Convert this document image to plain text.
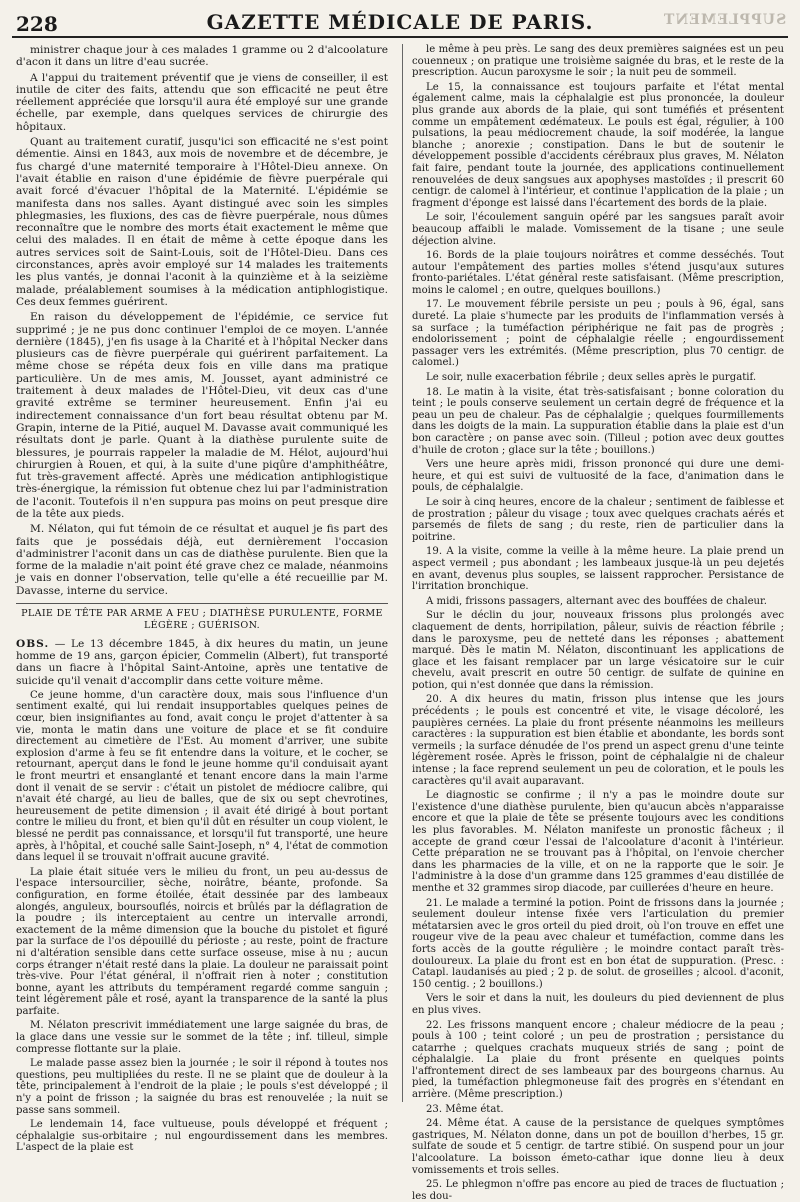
228	GAZETTE MÉDICALE DE PARIS.	SUPPLEMENT

ministrer chaque jour à ces malades 1 gramme ou 2 d'alcoolature d'acon it dans un litre d'eau sucrée.

A l'appui du traitement préventif que je viens de conseiller, il est inutile de citer des faits, attendu que son efficacité ne peut être réellement appréciée que lorsqu'il aura été employé sur une grande échelle, par exemple, dans quelques services de chirurgie des hôpitaux.

Quant au traitement curatif, jusqu'ici son efficacité ne s'est point démentie. Ainsi en 1843, aux mois de novembre et de décembre, je fus chargé d'une maternité temporaire à l'Hôtel-Dieu annexe. On l'avait établie en raison d'une épidémie de fièvre puerpérale qui avait forcé d'évacuer l'hôpital de la Maternité. L'épidémie se manifesta dans nos salles. Ayant distingué avec soin les simples phlegmasies, les fluxions, des cas de fièvre puerpérale, nous dûmes reconnaître que le nombre des morts était exactement le même que celui des malades. Il en était de même à cette époque dans les autres services soit de Saint-Louis, soit de l'Hôtel-Dieu. Dans ces circonstances, après avoir employé sur 14 malades les traitements les plus vantés, je donnai l'aconit à la quinzième et à la seizième malade, préalablement soumises à la médication antiphlogistique. Ces deux femmes guérirent.

En raison du développement de l'épidémie, ce service fut supprimé ; je ne pus donc continuer l'emploi de ce moyen. L'année dernière (1845), j'en fis usage à la Charité et à l'hôpital Necker dans plusieurs cas de fièvre puerpérale qui guérirent parfaitement. La même chose se répéta deux fois en ville dans ma pratique particulière. Un de mes amis, M. Jousset, ayant administré ce traitement à deux malades de l'Hôtel-Dieu, vit deux cas d'une gravité extrême se terminer heureusement. Enfin j'ai eu indirectement connaissance d'un fort beau résultat obtenu par M. Grapin, interne de la Pitié, auquel M. Davasse avait communiqué les résultats dont je parle. Quant à la diathèse purulente suite de blessures, je pourrais rappeler la maladie de M. Hélot, aujourd'hui chirurgien à Rouen, et qui, à la suite d'une piqûre d'amphithéâtre, fut très-gravement affecté. Après une médication antiphlogistique très-énergique, la rémission fut obtenue chez lui par l'administration de l'aconit. Toutefois il n'en suppura pas moins on peut presque dire de la tête aux pieds.

M. Nélaton, qui fut témoin de ce résultat et auquel je fis part des faits que je possédais déjà, eut dernièrement l'occasion d'administrer l'aconit dans un cas de diathèse purulente. Bien que la forme de la maladie n'ait point été grave chez ce malade, néanmoins je vais en donner l'observation, telle qu'elle a été recueillie par M. Davasse, interne du service.

PLAIE DE TÊTE PAR ARME A FEU ; DIATHÈSE PURULENTE, FORME LÉGÈRE ; GUÉRISON.

OBS. — Le 13 décembre 1845, à dix heures du matin, un jeune homme de 19 ans, garçon épicier, Commelin (Albert), fut transporté dans un fiacre à l'hôpital Saint-Antoine, après une tentative de suicide qu'il venait d'accomplir dans cette voiture même.

Ce jeune homme, d'un caractère doux, mais sous l'influence d'un sentiment exalté, qui lui rendait insupportables quelques peines de cœur, bien insignifiantes au fond, avait conçu le projet d'attenter à sa vie, monta le matin dans une voiture de place et se fit conduire directement au cimetière de l'Est. Au moment d'arriver, une subite explosion d'arme à feu se fit entendre dans la voiture, et le cocher, se retournant, aperçut dans le fond le jeune homme qu'il conduisait ayant le front meurtri et ensanglanté et tenant encore dans la main l'arme dont il venait de se servir : c'était un pistolet de médiocre calibre, qui n'avait été chargé, au lieu de balles, que de six ou sept chevrotines, heureusement de petite dimension ; il avait été dirigé à bout portant contre le milieu du front, et bien qu'il dût en résulter un coup violent, le blessé ne perdit pas connaissance, et lorsqu'il fut transporté, une heure après, à l'hôpital, et couché salle Saint-Joseph, n° 4, l'état de commotion dans lequel il se trouvait n'offrait aucune gravité.

La plaie était située vers le milieu du front, un peu au-dessus de l'espace intersourcilier, sèche, noirâtre, béante, profonde. Sa configuration, en forme étoilée, était dessinée par des lambeaux alongés, anguleux, boursouflés, noircis et brûlés par la déflagration de la poudre ; ils interceptaient au centre un intervalle arrondi, exactement de la même dimension que la bouche du pistolet et figuré par la surface de l'os dépouillé du périoste ; au reste, point de fracture ni d'altération sensible dans cette surface osseuse, mise à nu ; aucun corps étranger n'était resté dans la plaie. La douleur ne paraissait point très-vive. Pour l'état général, il n'offrait rien à noter ; constitution bonne, ayant les attributs du tempérament regardé comme sanguin ; teint légèrement pâle et rosé, ayant la transparence de la santé la plus parfaite.

M. Nélaton prescrivit immédiatement une large saignée du bras, de la glace dans une vessie sur le sommet de la tête ; inf. tilleul, simple compresse flottante sur la plaie.

Le malade passe assez bien la journée ; le soir il répond à toutes nos questions, peu multipliées du reste. Il ne se plaint que de douleur à la tête, principalement à l'endroit de la plaie ; le pouls s'est développé ; il n'y a point de frisson ; la saignée du bras est renouvelée ; la nuit se passe sans sommeil.

Le lendemain 14, face vultueuse, pouls développé et fréquent ; céphalalgie sus-orbitaire ; nul engourdissement dans les membres. L'aspect de la plaie est

le même à peu près. Le sang des deux premières saignées est un peu couenneux ; on pratique une troisième saignée du bras, et le reste de la prescription. Aucun paroxysme le soir ; la nuit peu de sommeil.

Le 15, la connaissance est toujours parfaite et l'état mental également calme, mais la céphalalgie est plus prononcée, la douleur plus grande aux abords de la plaie, qui sont tuméfiés et présentent comme un empâtement œdémateux. Le pouls est égal, régulier, à 100 pulsations, la peau médiocrement chaude, la soif modérée, la langue blanche ; anorexie ; constipation. Dans le but de soutenir le développement possible d'accidents cérébraux plus graves, M. Nélaton fait faire, pendant toute la journée, des applications continuellement renouvelées de deux sangsues aux apophyses mastoïdes ; il prescrit 60 centigr. de calomel à l'intérieur, et continue l'application de la plaie ; un fragment d'éponge est laissé dans l'écartement des bords de la plaie.

Le soir, l'écoulement sanguin opéré par les sangsues paraît avoir beaucoup affaibli le malade. Vomissement de la tisane ; une seule déjection alvine.

16. Bords de la plaie toujours noirâtres et comme desséchés. Tout autour l'empâtement des parties molles s'étend jusqu'aux sutures fronto-pariétales. L'état général reste satisfaisant. (Même prescription, moins le calomel ; en outre, quelques bouillons.)

17. Le mouvement fébrile persiste un peu ; pouls à 96, égal, sans dureté. La plaie s'humecte par les produits de l'inflammation versés à sa surface ; la tuméfaction périphérique ne fait pas de progrès ; endolorissement ; point de céphalalgie réelle ; engourdissement passager vers les extrémités. (Même prescription, plus 70 centigr. de calomel.)

Le soir, nulle exacerbation fébrile ; deux selles après le purgatif.

18. Le matin à la visite, état très-satisfaisant ; bonne coloration du teint ; le pouls conserve seulement un certain degré de fréquence et la peau un peu de chaleur. Pas de céphalalgie ; quelques fourmillements dans les doigts de la main. La suppuration établie dans la plaie est d'un bon caractère ; on panse avec soin. (Tilleul ; potion avec deux gouttes d'huile de croton ; glace sur la tête ; bouillons.)

Vers une heure après midi, frisson prononcé qui dure une demi-heure, et qui est suivi de vultuosité de la face, d'animation dans le pouls, de céphalalgie.

Le soir à cinq heures, encore de la chaleur ; sentiment de faiblesse et de prostration ; pâleur du visage ; toux avec quelques crachats aérés et parsemés de filets de sang ; du reste, rien de particulier dans la poitrine.

19. A la visite, comme la veille à la même heure. La plaie prend un aspect vermeil ; pus abondant ; les lambeaux jusque-là un peu dejetés en avant, devenus plus souples, se laissent rapprocher. Persistance de l'irritation bronchique.

A midi, frissons passagers, alternant avec des bouffées de chaleur.

Sur le déclin du jour, nouveaux frissons plus prolongés avec claquement de dents, horripilation, pâleur, suivis de réaction fébrile ; dans le paroxysme, peu de netteté dans les réponses ; abattement marqué. Dès le matin M. Nélaton, discontinuant les applications de glace et les faisant remplacer par un large vésicatoire sur le cuir chevelu, avait prescrit en outre 50 centigr. de sulfate de quinine en potion, qui n'est donnée que dans la rémission.

20. A dix heures du matin, frisson plus intense que les jours précédents ; le pouls est concentré et vite, le visage décoloré, les paupières cernées. La plaie du front présente néanmoins les meilleurs caractères : la suppuration est bien établie et abondante, les bords sont vermeils ; la surface dénudée de l'os prend un aspect grenu d'une teinte légèrement rosée. Après le frisson, point de céphalalgie ni de chaleur intense ; la face reprend seulement un peu de coloration, et le pouls les caractères qu'il avait auparavant.

Le diagnostic se confirme ; il n'y a pas le moindre doute sur l'existence d'une diathèse purulente, bien qu'aucun abcès n'apparaisse encore et que la plaie de tête se présente toujours avec les conditions les plus favorables. M. Nélaton manifeste un pronostic fâcheux ; il accepte de grand cœur l'essai de l'alcoolature d'aconit à l'intérieur. Cette préparation ne se trouvant pas à l'hôpital, on l'envoie chercher dans les pharmacies de la ville, et on ne la rapporte que le soir. Je l'administre à la dose d'un gramme dans 125 grammes d'eau distillée de menthe et 32 grammes sirop diacode, par cuillerées d'heure en heure.

21. Le malade a terminé la potion. Point de frissons dans la journée ; seulement douleur intense fixée vers l'articulation du premier métatarsien avec le gros orteil du pied droit, où l'on trouve en effet une rougeur vive de la peau avec chaleur et tuméfaction, comme dans les forts accès de la goutte régulière ; le moindre contact paraît très-douloureux. La plaie du front est en bon état de suppuration. (Presc. : Catapl. laudanisés au pied ; 2 p. de solut. de groseilles ; alcool. d'aconit, 150 centig. ; 2 bouillons.)

Vers le soir et dans la nuit, les douleurs du pied deviennent de plus en plus vives.

22. Les frissons manquent encore ; chaleur médiocre de la peau ; pouls à 100 ; teint coloré ; un peu de prostration ; persistance du catarrhe ; quelques crachats muqueux striés de sang ; point de céphalalgie. La plaie du front présente en quelques points l'affrontement direct de ses lambeaux par des bourgeons charnus. Au pied, la tuméfaction phlegmoneuse fait des progrès en s'étendant en arrière. (Même prescription.)

23. Même état.

24. Même état. A cause de la persistance de quelques symptômes gastriques, M. Nélaton donne, dans un pot de bouillon d'herbes, 15 gr. sulfate de soude et 5 centigr. de tartre stibié. On suspend pour un jour l'alcoolature. La boisson émeto-cathar ique donne lieu à deux vomissements et trois selles.

25. Le phlegmon n'offre pas encore au pied de traces de fluctuation ; les dou-
